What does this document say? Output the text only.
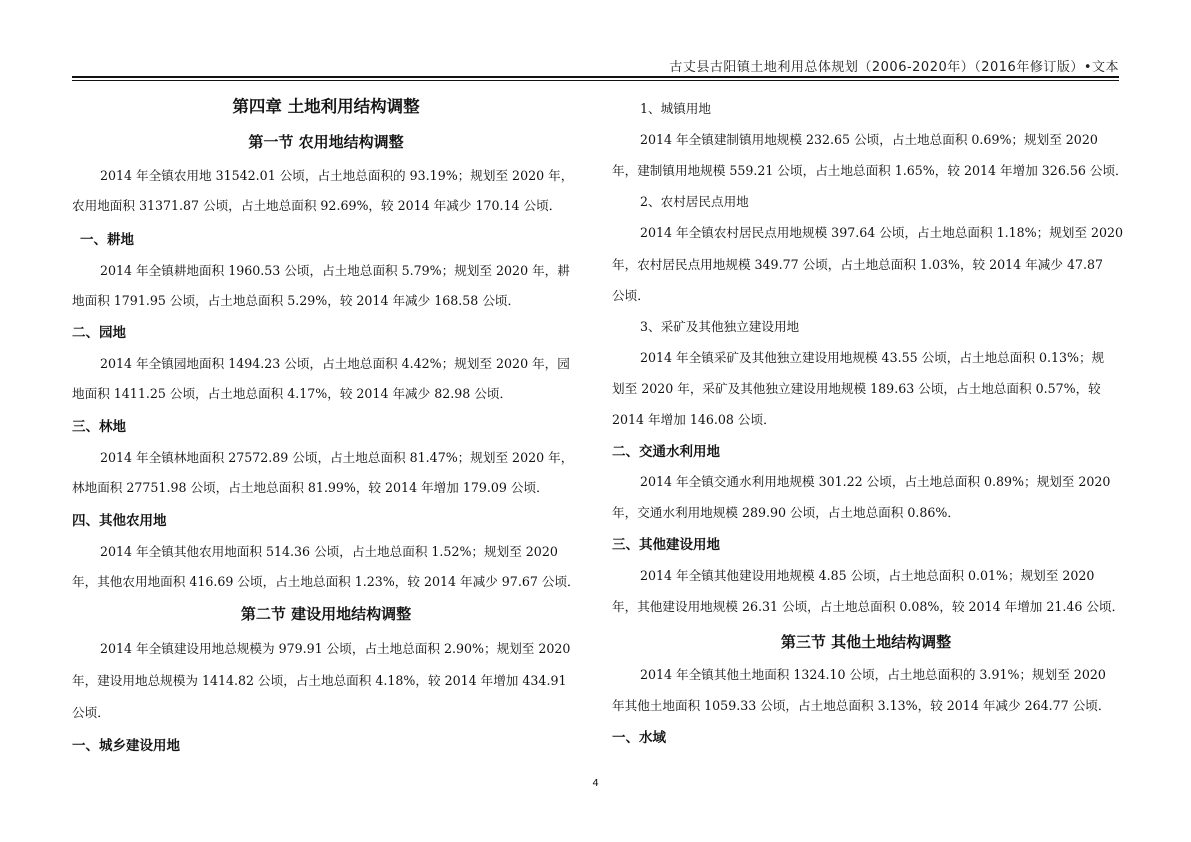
古丈县古阳镇土地利用总体规划（2006-2020年）（2016年修订版）•文本
第四章 土地利用结构调整
第一节 农用地结构调整
2014 年全镇农用地 31542.01 公顷，占土地总面积的 93.19%；规划至 2020 年，
农用地面积 31371.87 公顷，占土地总面积 92.69%，较 2014 年减少 170.14 公顷．
一、耕地
2014 年全镇耕地面积 1960.53 公顷，占土地总面积 5.79%；规划至 2020 年，耕
地面积 1791.95 公顷，占土地总面积 5.29%，较 2014 年减少 168.58 公顷．
二、园地
2014 年全镇园地面积 1494.23 公顷，占土地总面积 4.42%；规划至 2020 年，园
地面积 1411.25 公顷，占土地总面积 4.17%，较 2014 年减少 82.98 公顷．
三、林地
2014 年全镇林地面积 27572.89 公顷，占土地总面积 81.47%；规划至 2020 年，
林地面积 27751.98 公顷，占土地总面积 81.99%，较 2014 年增加 179.09 公顷．
四、其他农用地
2014 年全镇其他农用地面积 514.36 公顷，占土地总面积 1.52%；规划至 2020
年，其他农用地面积 416.69 公顷，占土地总面积 1.23%，较 2014 年减少 97.67 公顷．
第二节 建设用地结构调整
2014 年全镇建设用地总规模为 979.91 公顷，占土地总面积 2.90%；规划至 2020
年，建设用地总规模为 1414.82 公顷，占土地总面积 4.18%，较 2014 年增加 434.91
公顷．
一、城乡建设用地
1、城镇用地
2014 年全镇建制镇用地规模 232.65 公顷，占土地总面积 0.69%；规划至 2020
年，建制镇用地规模 559.21 公顷，占土地总面积 1.65%，较 2014 年增加 326.56 公顷．
2、农村居民点用地
2014 年全镇农村居民点用地规模 397.64 公顷，占土地总面积 1.18%；规划至 2020
年，农村居民点用地规模 349.77 公顷，占土地总面积 1.03%，较 2014 年减少 47.87
公顷．
3、采矿及其他独立建设用地
2014 年全镇采矿及其他独立建设用地规模 43.55 公顷，占土地总面积 0.13%；规
划至 2020 年，采矿及其他独立建设用地规模 189.63 公顷，占土地总面积 0.57%，较
2014 年增加 146.08 公顷．
二、交通水利用地
2014 年全镇交通水利用地规模 301.22 公顷，占土地总面积 0.89%；规划至 2020
年，交通水利用地规模 289.90 公顷，占土地总面积 0.86%．
三、其他建设用地
2014 年全镇其他建设用地规模 4.85 公顷，占土地总面积 0.01%；规划至 2020
年，其他建设用地规模 26.31 公顷，占土地总面积 0.08%，较 2014 年增加 21.46 公顷．
第三节 其他土地结构调整
2014 年全镇其他土地面积 1324.10 公顷，占土地总面积的 3.91%；规划至 2020
年其他土地面积 1059.33 公顷，占土地总面积 3.13%，较 2014 年减少 264.77 公顷．
一、水域
4
